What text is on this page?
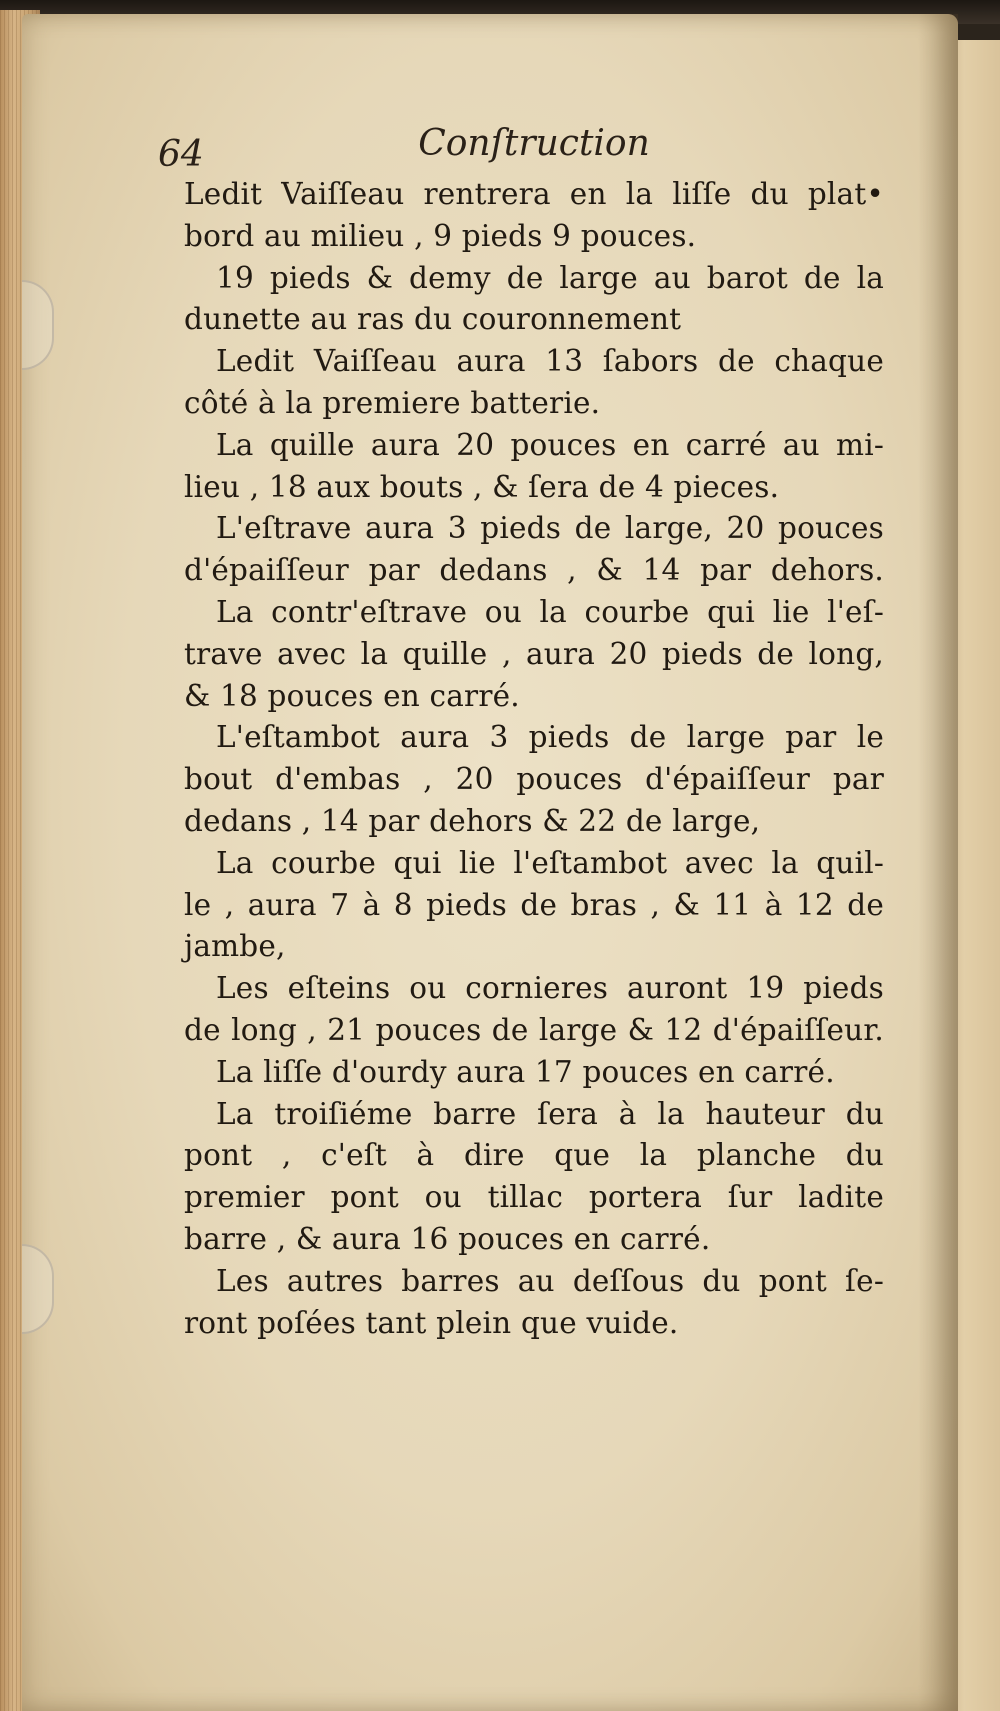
64	Conſtruction
Ledit Vaiſſeau rentrera en la liſſe du plat•
bord au milieu , 9 pieds 9 pouces.
19 pieds & demy de large au barot de la
dunette au ras du couronnement
Ledit Vaiſſeau aura 13 ſabors de chaque
côté à la premiere batterie.
La quille aura 20 pouces en carré au mi-
lieu , 18 aux bouts , & ſera de 4 pieces.
L'eſtrave aura 3 pieds de large, 20 pouces
d'épaiſſeur par dedans , & 14 par dehors.
La contr'eſtrave ou la courbe qui lie l'eſ-
trave avec la quille , aura 20 pieds de long,
& 18 pouces en carré.
L'eſtambot aura 3 pieds de large par le
bout d'embas , 20 pouces d'épaiſſeur par
dedans , 14 par dehors & 22 de large,
La courbe qui lie l'eſtambot avec la quil-
le , aura 7 à 8 pieds de bras , & 11 à 12 de
jambe,
Les eſteins ou cornieres auront 19 pieds
de long , 21 pouces de large & 12 d'épaiſſeur.
La liſſe d'ourdy aura 17 pouces en carré.
La troiſiéme barre ſera à la hauteur du
pont , c'eſt à dire que la planche du
premier pont ou tillac portera ſur ladite
barre , & aura 16 pouces en carré.
Les autres barres au deſſous du pont ſe-
ront poſées tant plein que vuide.
